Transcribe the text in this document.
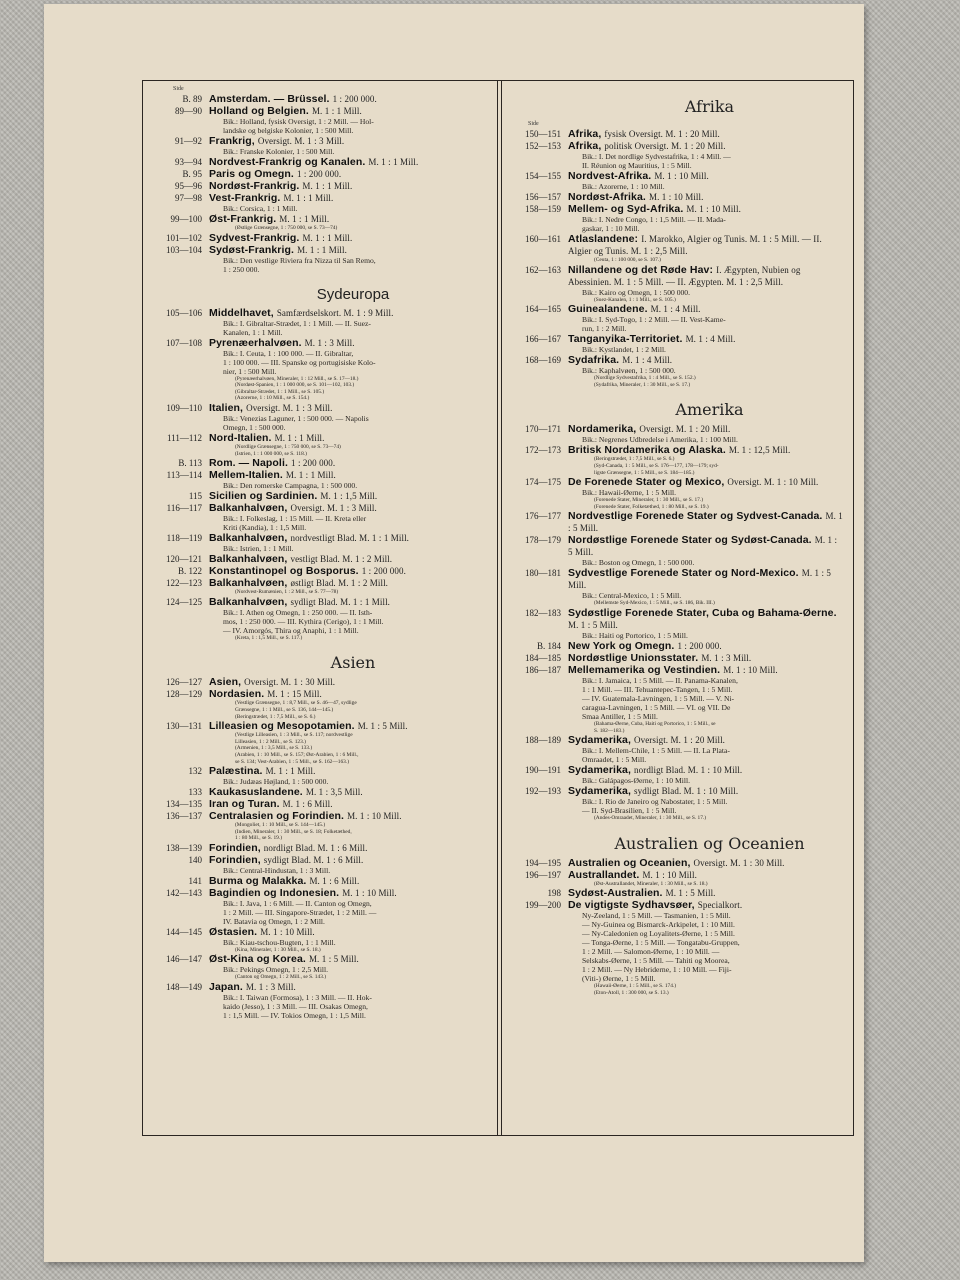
Side
B. 89 Amsterdam. — Brüssel. 1 : 200 000.
89—90 Holland og Belgien. M. 1 : 1 Mill.
Bik.: Holland, fysisk Oversigt, 1 : 2 Mill. — Hol-
landske og belgiske Kolonier, 1 : 500 Mill.
91—92 Frankrig, Oversigt. M. 1 : 3 Mill.
Bik.: Franske Kolonier, 1 : 500 Mill.
93—94 Nordvest-Frankrig og Kanalen. M. 1 : 1 Mill.
B. 95 Paris og Omegn. 1 : 200 000.
95—96 Nordøst-Frankrig. M. 1 : 1 Mill.
97—98 Vest-Frankrig. M. 1 : 1 Mill.
Bik.: Corsica, 1 : 1 Mill.
99—100 Øst-Frankrig. M. 1 : 1 Mill.
(Østlige Grænsegne, 1 : 750 000, se S. 73—74)
101—102 Sydvest-Frankrig. M. 1 : 1 Mill.
103—104 Sydøst-Frankrig. M. 1 : 1 Mill.
Bik.: Den vestlige Riviera fra Nizza til San Remo,
1 : 250 000.
Sydeuropa
105—106 Middelhavet, Samfærdselskort. M. 1 : 9 Mill.
Bik.: I. Gibraltar-Strædet, 1 : 1 Mill. — II. Suez-
Kanalen, 1 : 1 Mill.
107—108 Pyrenæerhalvøen. M. 1 : 3 Mill.
Bik.: I. Ceuta, 1 : 100 000. — II. Gibraltar,
1 : 100 000. — III. Spanske og portugisiske Kolo-
nier, 1 : 500 Mill.
(Pyrenæerhalvøen, Mineraler, 1 : 12 Mill., se S. 17—18.)
(Nordøst-Spanien, 1 : 1 000 000, se S. 101—102, 103.)
(Gibraltar-Strædet, 1 : 1 Mill., se S. 105.)
(Azorerne, 1 : 10 Mill., se S. 154.)
109—110 Italien, Oversigt. M. 1 : 3 Mill.
Bik.: Venezias Laguner, 1 : 500 000. — Napolis
Omegn, 1 : 500 000.
111—112 Nord-Italien. M. 1 : 1 Mill.
(Nordlige Grænsegne, 1 : 750 000, se S. 73—74)
(Istrien, 1 : 1 000 000, se S. 118.)
B. 113 Rom. — Napoli. 1 : 200 000.
113—114 Mellem-Italien. M. 1 : 1 Mill.
Bik.: Den romerske Campagna, 1 : 500 000.
115 Sicilien og Sardinien. M. 1 : 1,5 Mill.
116—117 Balkanhalvøen, Oversigt. M. 1 : 3 Mill.
Bik.: I. Folkeslag, 1 : 15 Mill. — II. Kreta eller
Kriti (Kandia), 1 : 1,5 Mill.
118—119 Balkanhalvøen, nordvestligt Blad. M. 1 : 1 Mill.
Bik.: Istrien, 1 : 1 Mill.
120—121 Balkanhalvøen, vestligt Blad. M. 1 : 2 Mill.
B. 122 Konstantinopel og Bosporus. 1 : 200 000.
122—123 Balkanhalvøen, østligt Blad. M. 1 : 2 Mill.
(Nordvest-Rumænien, 1 : 2 Mill., se S. 77—78)
124—125 Balkanhalvøen, sydligt Blad. M. 1 : 1 Mill.
Bik.: I. Athen og Omegn, 1 : 250 000. — II. Isth-
mos, 1 : 250 000. — III. Kythira (Cerigo), 1 : 1 Mill.
— IV. Amorgós, Thira og Anaphi, 1 : 1 Mill.
(Kreta, 1 : 1,5 Mill., se S. 117.)
Asien
126—127 Asien, Oversigt. M. 1 : 30 Mill.
128—129 Nordasien. M. 1 : 15 Mill.
(Vestlige Grænsegne, 1 : 8,7 Mill., se S. 46—47, sydlige
Grænsegne, 1 : 1 Mill., se S. 136, 144—145.)
(Beringstrædet, 1 : 7,5 Mill., se S. 6.)
130—131 Lilleasien og Mesopotamien. M. 1 : 5 Mill.
(Vestlige Lilleasien, 1 : 3 Mill., se S. 117; nordvestlige
Lilleasien, 1 : 2 Mill., se S. 123.)
(Armenien, 1 : 3,5 Mill., se S. 133.)
(Arabien, 1 : 10 Mill., se S. 157; Øst-Arabien, 1 : 6 Mill.,
se S. 134; Vest-Arabien, 1 : 5 Mill., se S. 162—163.)
132 Palæstina. M. 1 : 1 Mill.
Bik.: Judæas Højland, 1 : 500 000.
133 Kaukasuslandene. M. 1 : 3,5 Mill.
134—135 Iran og Turan. M. 1 : 6 Mill.
136—137 Centralasien og Forindien. M. 1 : 10 Mill.
(Mongoliet, 1 : 10 Mill., se S. 144—145.)
(Indien, Mineraler, 1 : 30 Mill., se S. 18; Folketæthed,
1 : 80 Mill., se S. 19.)
138—139 Forindien, nordligt Blad. M. 1 : 6 Mill.
140 Forindien, sydligt Blad. M. 1 : 6 Mill.
Bik.: Central-Hindustan, 1 : 3 Mill.
141 Burma og Malakka. M. 1 : 6 Mill.
142—143 Bagindien og Indonesien. M. 1 : 10 Mill.
Bik.: I. Java, 1 : 6 Mill. — II. Canton og Omegn,
1 : 2 Mill. — III. Singapore-Strædet, 1 : 2 Mill. —
IV. Batavia og Omegn, 1 : 2 Mill.
144—145 Østasien. M. 1 : 10 Mill.
Bik.: Kiau-tschou-Bugten, 1 : 1 Mill.
(Kina, Mineraler, 1 : 30 Mill., se S. 18.)
146—147 Øst-Kina og Korea. M. 1 : 5 Mill.
Bik.: Pekings Omegn, 1 : 2,5 Mill.
(Canton og Omegn, 1 : 2 Mill., se S. 143.)
148—149 Japan. M. 1 : 3 Mill.
Bik.: I. Taiwan (Formosa), 1 : 3 Mill. — II. Hok-
kaido (Jesso), 1 : 3 Mill. — III. Osakas Omegn,
1 : 1,5 Mill. — IV. Tokios Omegn, 1 : 1,5 Mill.
Afrika
Side
150—151 Afrika, fysisk Oversigt. M. 1 : 20 Mill.
152—153 Afrika, politisk Oversigt. M. 1 : 20 Mill.
Bik.: I. Det nordlige Sydvestafrika, 1 : 4 Mill. —
II. Réunion og Mauritius, 1 : 5 Mill.
154—155 Nordvest-Afrika. M. 1 : 10 Mill.
Bik.: Azorerne, 1 : 10 Mill.
156—157 Nordøst-Afrika. M. 1 : 10 Mill.
158—159 Mellem- og Syd-Afrika. M. 1 : 10 Mill.
Bik.: I. Nedre Congo, 1 : 1,5 Mill. — II. Mada-
gaskar, 1 : 10 Mill.
160—161 Atlaslandene: I. Marokko, Algier og Tunis. M. 1 : 5 Mill. — II. Algier og Tunis. M. 1 : 2,5 Mill.
(Ceuta, 1 : 100 000, se S. 107.)
162—163 Nillandene og det Røde Hav: I. Ægypten, Nubien og Abessinien. M. 1 : 5 Mill. — II. Ægypten. M. 1 : 2,5 Mill.
Bik.: Kairo og Omegn, 1 : 500 000.
(Suez-Kanalen, 1 : 1 Mill., se S. 105.)
164—165 Guinealandene. M. 1 : 4 Mill.
Bik.: I. Syd-Togo, 1 : 2 Mill. — II. Vest-Kame-
run, 1 : 2 Mill.
166—167 Tanganyika-Territoriet. M. 1 : 4 Mill.
Bik.: Kystlandet, 1 : 2 Mill.
168—169 Sydafrika. M. 1 : 4 Mill.
Bik.: Kaphalvøen, 1 : 500 000.
(Nordlige Sydvestafrika, 1 : 4 Mill., se S. 152.)
(Sydafrika, Mineraler, 1 : 30 Mill., se S. 17.)
Amerika
170—171 Nordamerika, Oversigt. M. 1 : 20 Mill.
Bik.: Negrenes Udbredelse i Amerika, 1 : 100 Mill.
172—173 Britisk Nordamerika og Alaska. M. 1 : 12,5 Mill.
(Beringstrædet, 1 : 7,5 Mill., se S. 6.)
(Syd-Canada, 1 : 5 Mill., se S. 176—177, 178—179; syd-
ligste Grænsegne, 1 : 5 Mill., se S. 184—185.)
174—175 De Forenede Stater og Mexico, Oversigt. M. 1 : 10 Mill.
Bik.: Hawaii-Øerne, 1 : 5 Mill.
(Forenede Stater, Mineraler, 1 : 30 Mill., se S. 17.)
(Forenede Stater, Folketæthed, 1 : 80 Mill., se S. 19.)
176—177 Nordvestlige Forenede Stater og Sydvest-Canada. M. 1 : 5 Mill.
178—179 Nordøstlige Forenede Stater og Sydøst-Canada. M. 1 : 5 Mill.
Bik.: Boston og Omegn, 1 : 500 000.
180—181 Sydvestlige Forenede Stater og Nord-Mexico. M. 1 : 5 Mill.
Bik.: Central-Mexico, 1 : 5 Mill.
(Mellemste Syd-Mexico, 1 : 5 Mill., se S. 186, Bik. III.)
182—183 Sydøstlige Forenede Stater, Cuba og Bahama-Øerne. M. 1 : 5 Mill.
Bik.: Haiti og Portorico, 1 : 5 Mill.
B. 184 New York og Omegn. 1 : 200 000.
184—185 Nordøstlige Unionsstater. M. 1 : 3 Mill.
186—187 Mellemamerika og Vestindien. M. 1 : 10 Mill.
Bik.: I. Jamaica, 1 : 5 Mill. — II. Panama-Kanalen,
1 : 1 Mill. — III. Tehuantepec-Tangen, 1 : 5 Mill.
— IV. Guatemala-Lavningen, 1 : 5 Mill. — V. Ni-
caragua-Lavningen, 1 : 5 Mill. — VI. og VII. De
Smaa Antiller, 1 : 5 Mill.
(Bahama-Øerne, Cuba, Haiti og Portorico, 1 : 5 Mill., se
S. 182—183.)
188—189 Sydamerika, Oversigt. M. 1 : 20 Mill.
Bik.: I. Mellem-Chile, 1 : 5 Mill. — II. La Plata-
Omraadet, 1 : 5 Mill.
190—191 Sydamerika, nordligt Blad. M. 1 : 10 Mill.
Bik.: Galápagos-Øerne, 1 : 10 Mill.
192—193 Sydamerika, sydligt Blad. M. 1 : 10 Mill.
Bik.: I. Rio de Janeiro og Nabostater, 1 : 5 Mill.
— II. Syd-Brasilien, 1 : 5 Mill.
(Andes-Omraadet, Mineraler, 1 : 30 Mill., se S. 17.)
Australien og Oceanien
194—195 Australien og Oceanien, Oversigt. M. 1 : 30 Mill.
196—197 Australlandet. M. 1 : 10 Mill.
(Øst-Australlandet, Mineraler, 1 : 30 Mill., se S. 18.)
198 Sydøst-Australien. M. 1 : 5 Mill.
199—200 De vigtigste Sydhavsøer, Specialkort.
Ny-Zeeland, 1 : 5 Mill. — Tasmanien, 1 : 5 Mill.
— Ny-Guinea og Bismarck-Arkipelet, 1 : 10 Mill.
— Ny-Caledonien og Loyalitets-Øerne, 1 : 5 Mill.
— Tonga-Øerne, 1 : 5 Mill. — Tongatabu-Gruppen,
1 : 2 Mill. — Salomon-Øerne, 1 : 10 Mill. —
Selskabs-Øerne, 1 : 5 Mill. — Tahiti og Moorea,
1 : 2 Mill. — Ny Hebriderne, 1 : 10 Mill. — Fiji-
(Viti-) Øerne, 1 : 5 Mill.
(Hawaii-Øerne, 1 : 5 Mill., se S. 174.)
(Eton-Atoll, 1 : 300 000, se S. 13.)
